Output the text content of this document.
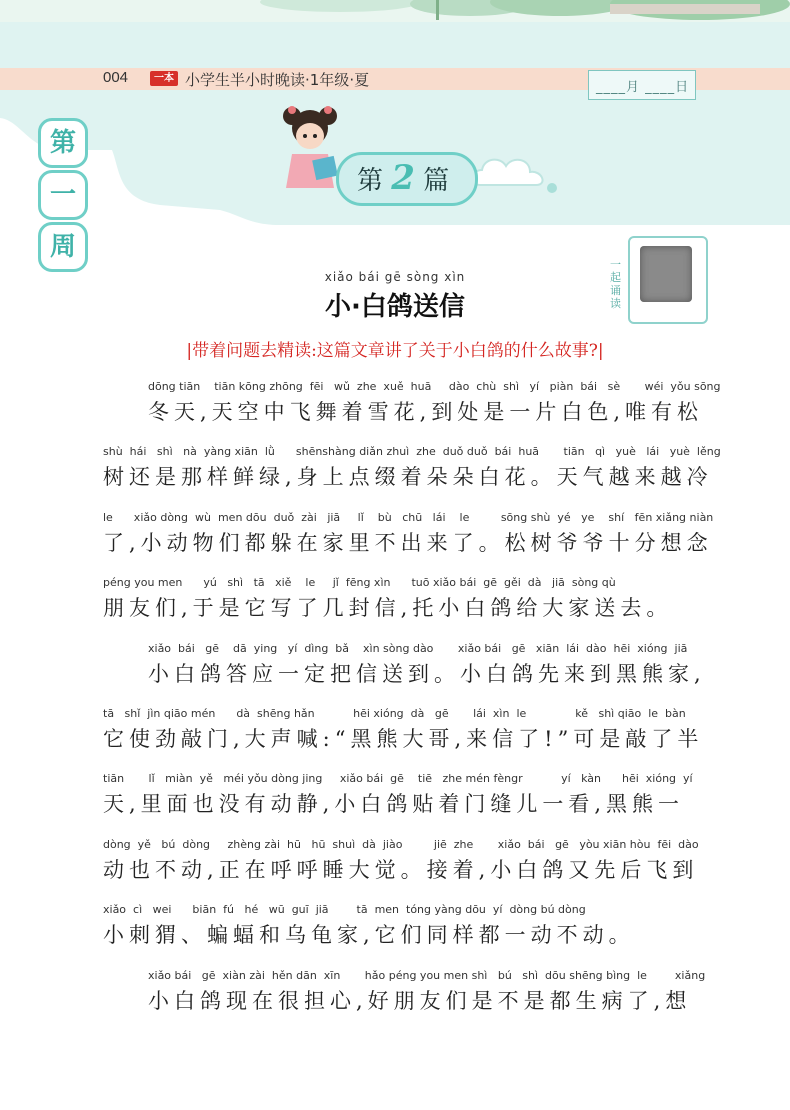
004	一本 小学生半小时晚读·1年级·夏	____月 ____日
第
一
周
第 2 篇
xiǎo bái gē sòng xìn
小·白鸽送信
一起诵读
|带着问题去精读:这篇文章讲了关于小白鸽的什么故事?|
dōng tiān    tiān kōng zhōng  fēi   wǔ  zhe  xuě  huā     dào  chù  shì   yí   piàn  bái   sè       wéi  yǒu sōng
冬天,天空中飞舞着雪花,到处是一片白色,唯有松
shù  hái   shì   nà  yàng xiān  lǜ      shēnshàng diǎn zhuì  zhe  duǒ duǒ  bái  huā       tiān   qì   yuè   lái   yuè  lěng
树还是那样鲜绿,身上点缀着朵朵白花。天气越来越冷
le      xiǎo dòng  wù  men dōu  duǒ  zài   jiā     lǐ    bù   chū   lái    le         sōng shù  yé   ye    shí   fēn xiǎng niàn
了,小动物们都躲在家里不出来了。松树爷爷十分想念
péng you men      yú   shì   tā   xiě    le     jǐ  fēng xìn      tuō xiǎo bái  gē  gěi  dà   jiā  sòng qù
朋友们,于是它写了几封信,托小白鸽给大家送去。
xiǎo  bái   gē    dā  ying   yí  dìng  bǎ    xìn sòng dào       xiǎo bái   gē   xiān  lái  dào  hēi  xióng  jiā
小白鸽答应一定把信送到。小白鸽先来到黑熊家,
tā   shǐ  jìn qiāo mén      dà  shēng hǎn           hēi xióng  dà   gē       lái  xìn  le              kě   shì qiāo  le  bàn
它使劲敲门,大声喊:“黑熊大哥,来信了!”可是敲了半
tiān       lǐ   miàn  yě   méi yǒu dòng jing     xiǎo bái  gē    tiē   zhe mén fèngr           yí   kàn      hēi  xióng  yí
天,里面也没有动静,小白鸽贴着门缝儿一看,黑熊一
dòng  yě   bú  dòng     zhèng zài  hū   hū  shuì  dà  jiào         jiē  zhe       xiǎo  bái   gē   yòu xiān hòu  fēi  dào
动也不动,正在呼呼睡大觉。接着,小白鸽又先后飞到
xiǎo  cì   wei      biān  fú   hé   wū  guī  jiā        tā  men  tóng yàng dōu  yí  dòng bú dòng
小刺猬、蝙蝠和乌龟家,它们同样都一动不动。
xiǎo bái   gē  xiàn zài  hěn dān  xīn       hǎo péng you men shì   bú   shì  dōu shēng bìng  le        xiǎng
小白鸽现在很担心,好朋友们是不是都生病了,想
